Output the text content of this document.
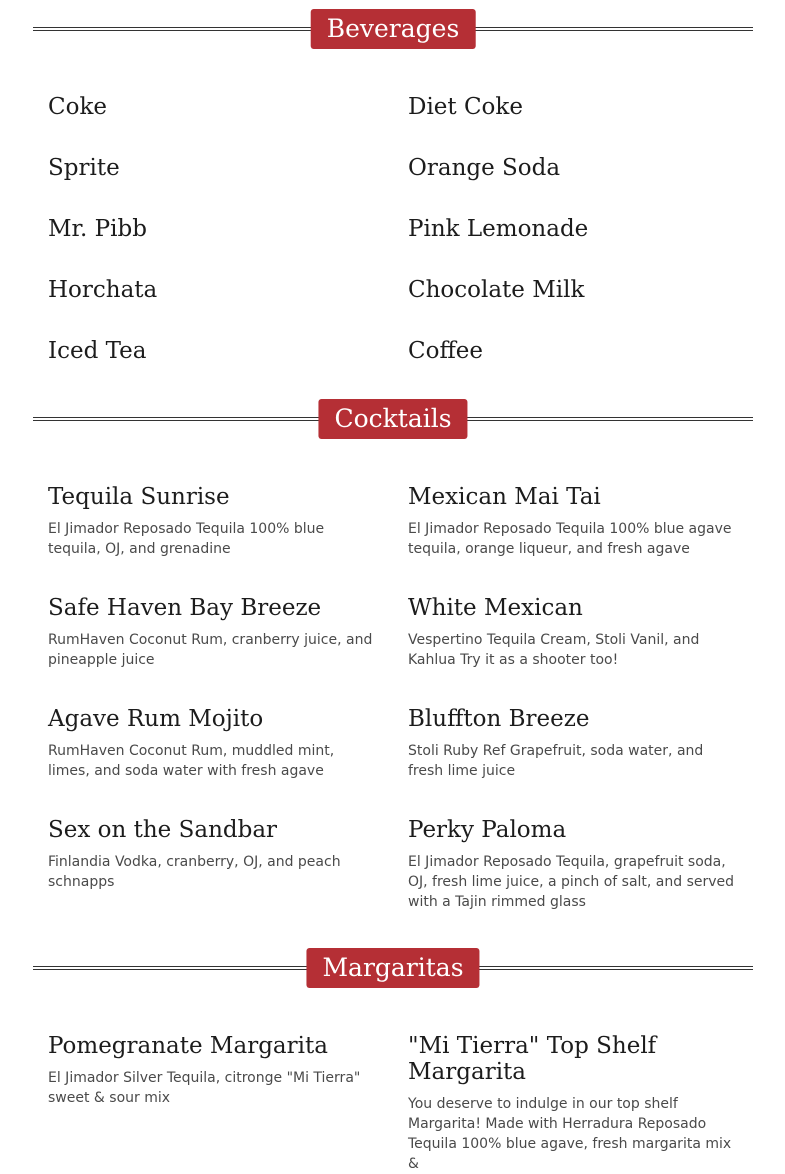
Beverages
Coke	Diet Coke
Sprite	Orange Soda
Mr. Pibb	Pink Lemonade
Horchata	Chocolate Milk
Iced Tea	Coffee
Cocktails
Tequila Sunrise
El Jimador Reposado Tequila 100% blue tequila, OJ, and grenadine
Mexican Mai Tai
El Jimador Reposado Tequila 100% blue agave tequila, orange liqueur, and fresh agave
Safe Haven Bay Breeze
RumHaven Coconut Rum, cranberry juice, and pineapple juice
White Mexican
Vespertino Tequila Cream, Stoli Vanil, and Kahlua Try it as a shooter too!
Agave Rum Mojito
RumHaven Coconut Rum, muddled mint, limes, and soda water with fresh agave
Bluffton Breeze
Stoli Ruby Ref Grapefruit, soda water, and fresh lime juice
Sex on the Sandbar
Finlandia Vodka, cranberry, OJ, and peach schnapps
Perky Paloma
El Jimador Reposado Tequila, grapefruit soda, OJ, fresh lime juice, a pinch of salt, and served with a Tajin rimmed glass
Margaritas
Pomegranate Margarita
El Jimador Silver Tequila, citronge "Mi Tierra" sweet & sour mix
"Mi Tierra" Top Shelf Margarita
You deserve to indulge in our top shelf Margarita! Made with Herradura Reposado Tequila 100% blue agave, fresh margarita mix &
